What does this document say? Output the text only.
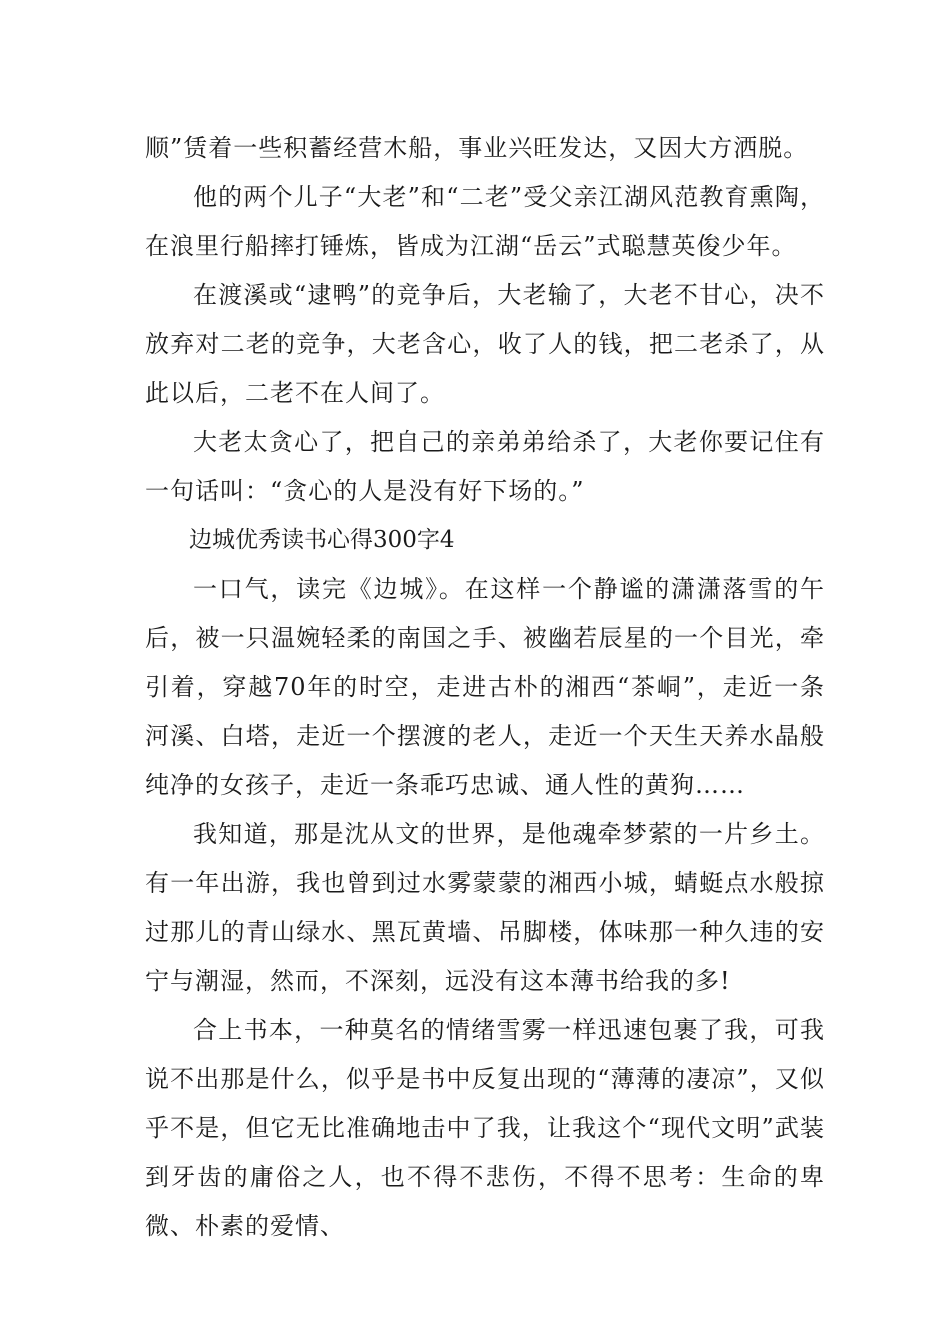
顺”赁着一些积蓄经营木船，事业兴旺发达，又因大方洒脱。

他的两个儿子“大老”和“二老”受父亲江湖风范教育熏陶，在浪里行船摔打锤炼，皆成为江湖“岳云”式聪慧英俊少年。

在渡溪或“逮鸭”的竞争后，大老输了，大老不甘心，决不放弃对二老的竞争，大老含心，收了人的钱，把二老杀了，从此以后，二老不在人间了。

大老太贪心了，把自己的亲弟弟给杀了，大老你要记住有一句话叫：“贪心的人是没有好下场的。”

边城优秀读书心得300字4

一口气，读完《边城》。在这样一个静谧的潇潇落雪的午后，被一只温婉轻柔的南国之手、被幽若辰星的一个目光，牵引着，穿越70年的时空，走进古朴的湘西“茶峒”，走近一条河溪、白塔，走近一个摆渡的老人，走近一个天生天养水晶般纯净的女孩子，走近一条乖巧忠诚、通人性的黄狗……

我知道，那是沈从文的世界，是他魂牵梦萦的一片乡土。有一年出游，我也曾到过水雾蒙蒙的湘西小城，蜻蜓点水般掠过那儿的青山绿水、黑瓦黄墙、吊脚楼，体味那一种久违的安宁与潮湿，然而，不深刻，远没有这本薄书给我的多!

合上书本，一种莫名的情绪雪雾一样迅速包裹了我，可我说不出那是什么，似乎是书中反复出现的“薄薄的凄凉”，又似乎不是，但它无比准确地击中了我，让我这个“现代文明”武装到牙齿的庸俗之人，也不得不悲伤，不得不思考：生命的卑微、朴素的爱情、
